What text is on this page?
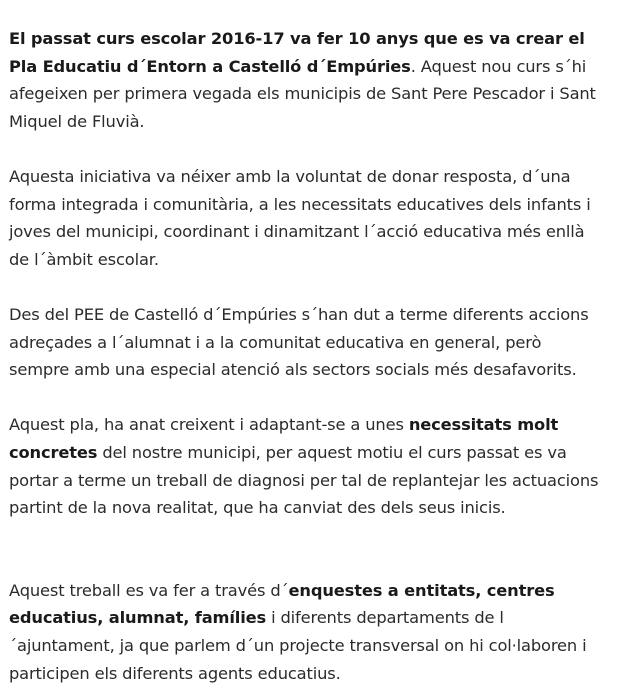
El passat curs escolar 2016-17 va fer 10 anys que es va crear el Pla Educatiu d´Entorn a Castelló d´Empúries. Aquest nou curs s´hi afegeixen per primera vegada els municipis de Sant Pere Pescador i Sant Miquel de Fluvià.

Aquesta iniciativa va néixer amb la voluntat de donar resposta, d´una forma integrada i comunitària, a les necessitats educatives dels infants i joves del municipi, coordinant i dinamitzant l´acció educativa més enllà de l´àmbit escolar.

Des del PEE de Castelló d´Empúries s´han dut a terme diferents accions adreçades a l´alumnat i a la comunitat educativa en general, però sempre amb una especial atenció als sectors socials més desafavorits.

Aquest pla, ha anat creixent i adaptant-se a unes necessitats molt concretes del nostre municipi, per aquest motiu el curs passat es va portar a terme un treball de diagnosi per tal de replantejar les actuacions partint de la nova realitat, que ha canviat des dels seus inicis.

Aquest treball es va fer a través d´enquestes a entitats, centres educatius, alumnat, famílies i diferents departaments de l´ajuntament, ja que parlem d´un projecte transversal on hi col·laboren i participen els diferents agents educatius.
